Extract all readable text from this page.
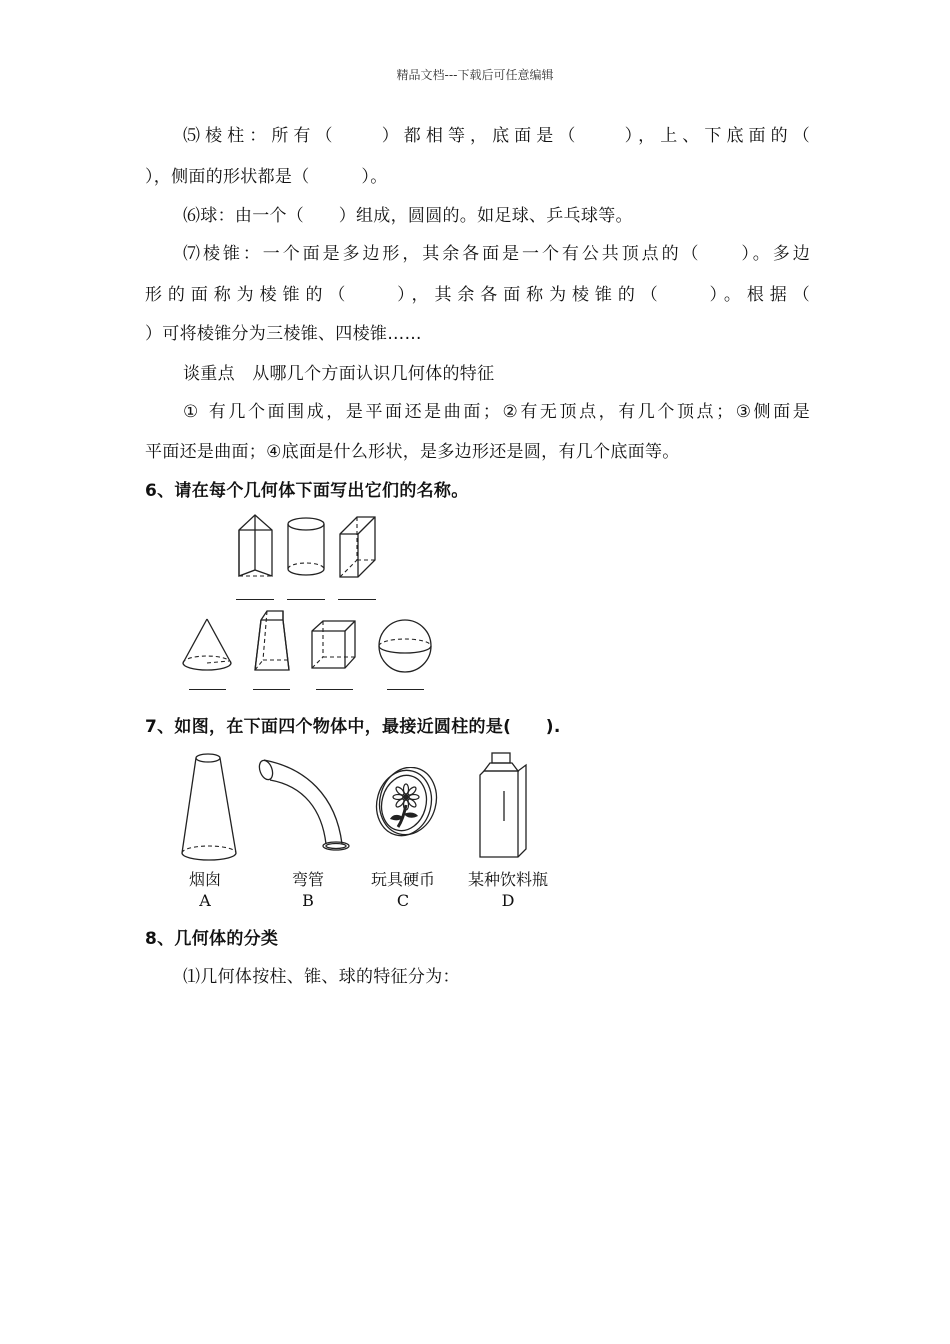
精品文档---下载后可任意编辑
⑸棱柱：所有（　　）都相等，底面是（　　），上、下底面的（
），侧面的形状都是（　　　）。
⑹球：由一个（　　）组成，圆圆的。如足球、乒乓球等。
⑺棱锥：一个面是多边形，其余各面是一个有公共顶点的（　　）。多边
形的面称为棱锥的（　　），其余各面称为棱锥的（　　）。根据（
）可将棱锥分为三棱锥、四棱锥……
谈重点　从哪几个方面认识几何体的特征
① 有几个面围成，是平面还是曲面；②有无顶点，有几个顶点；③侧面是
平面还是曲面；④底面是什么形状，是多边形还是圆，有几个底面等。
6、请在每个几何体下面写出它们的名称。
7、如图，在下面四个物体中，最接近圆柱的是(　　).
烟囱
A
弯管
B
玩具硬币
C
某种饮料瓶
D
8、几何体的分类
⑴几何体按柱、锥、球的特征分为：
